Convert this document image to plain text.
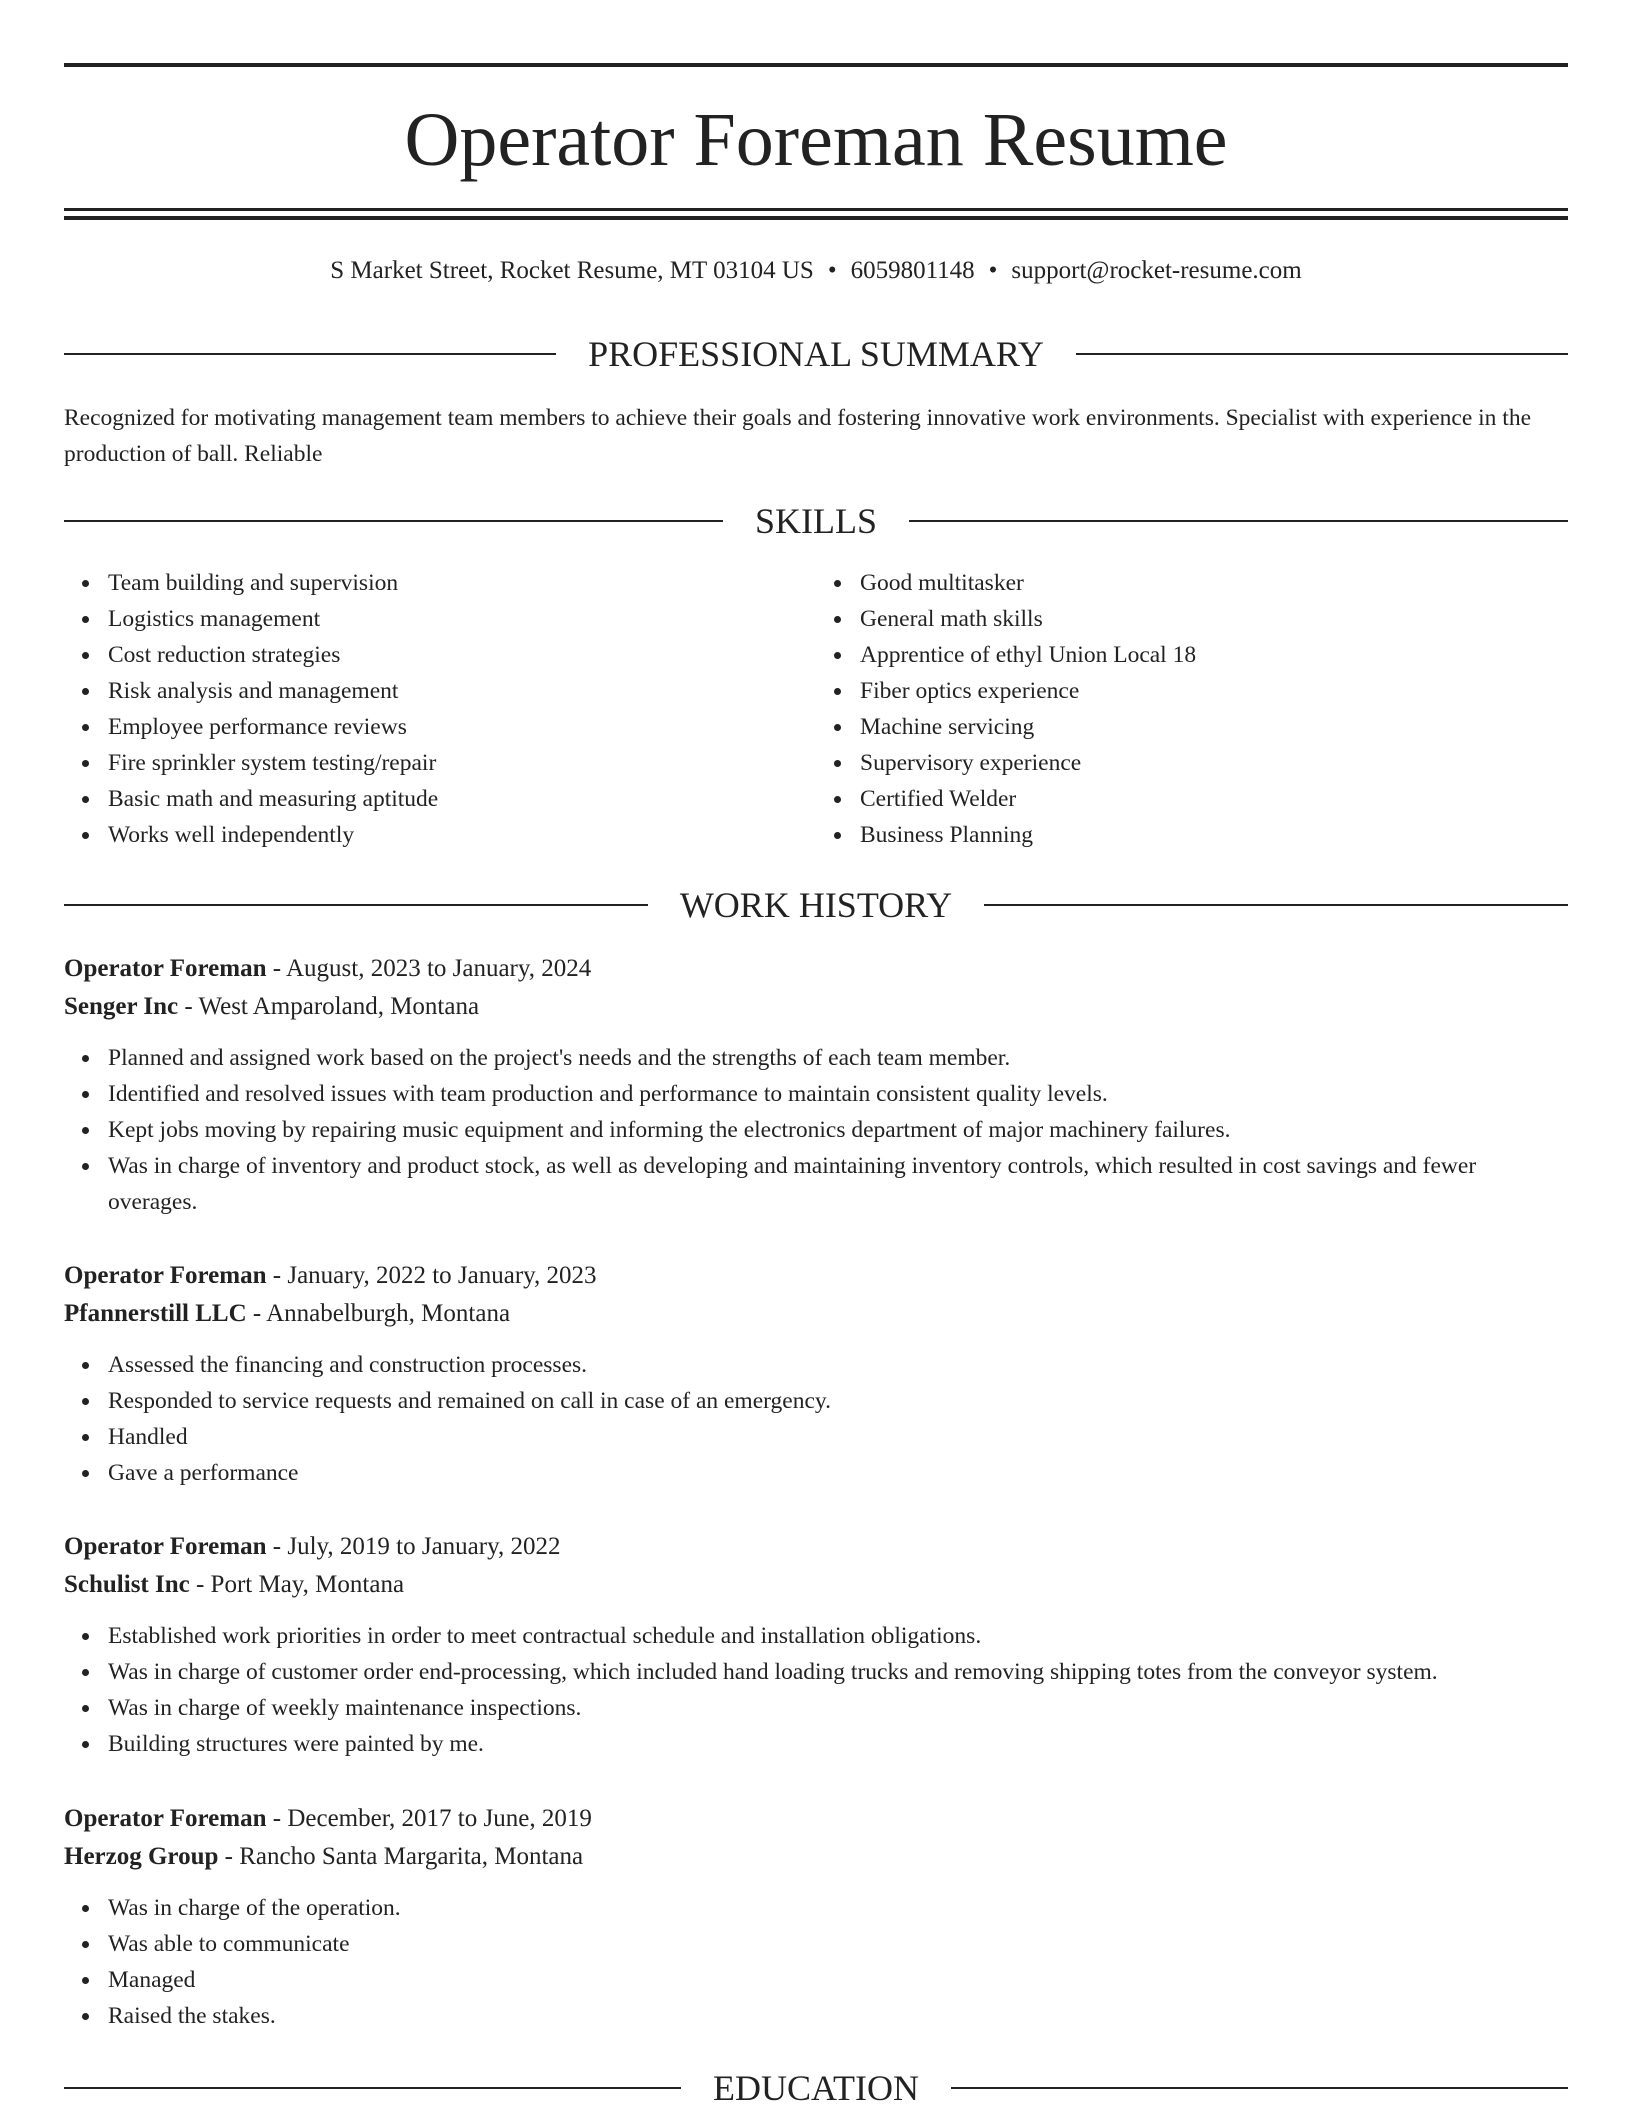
Operator Foreman Resume
S Market Street, Rocket Resume, MT 03104 US • 6059801148 • support@rocket-resume.com
PROFESSIONAL SUMMARY

Recognized for motivating management team members to achieve their goals and fostering innovative work environments. Specialist with experience in the production of ball. Reliable

SKILLS
Team building and supervision
Logistics management
Cost reduction strategies
Risk analysis and management
Employee performance reviews
Fire sprinkler system testing/repair
Basic math and measuring aptitude
Works well independently
Good multitasker
General math skills
Apprentice of ethyl Union Local 18
Fiber optics experience
Machine servicing
Supervisory experience
Certified Welder
Business Planning
WORK HISTORY

Operator Foreman - August, 2023 to January, 2024

Senger Inc - West Amparoland, Montana

Planned and assigned work based on the project's needs and the strengths of each team member.
Identified and resolved issues with team production and performance to maintain consistent quality levels.
Kept jobs moving by repairing music equipment and informing the electronics department of major machinery failures.
Was in charge of inventory and product stock, as well as developing and maintaining inventory controls, which resulted in cost savings and fewer overages.

Operator Foreman - January, 2022 to January, 2023

Pfannerstill LLC - Annabelburgh, Montana

Assessed the financing and construction processes.
Responded to service requests and remained on call in case of an emergency.
Handled
Gave a performance

Operator Foreman - July, 2019 to January, 2022

Schulist Inc - Port May, Montana

Established work priorities in order to meet contractual schedule and installation obligations.
Was in charge of customer order end-processing, which included hand loading trucks and removing shipping totes from the conveyor system.
Was in charge of weekly maintenance inspections.
Building structures were painted by me.

Operator Foreman - December, 2017 to June, 2019

Herzog Group - Rancho Santa Margarita, Montana

Was in charge of the operation.
Was able to communicate
Managed
Raised the stakes.
EDUCATION
